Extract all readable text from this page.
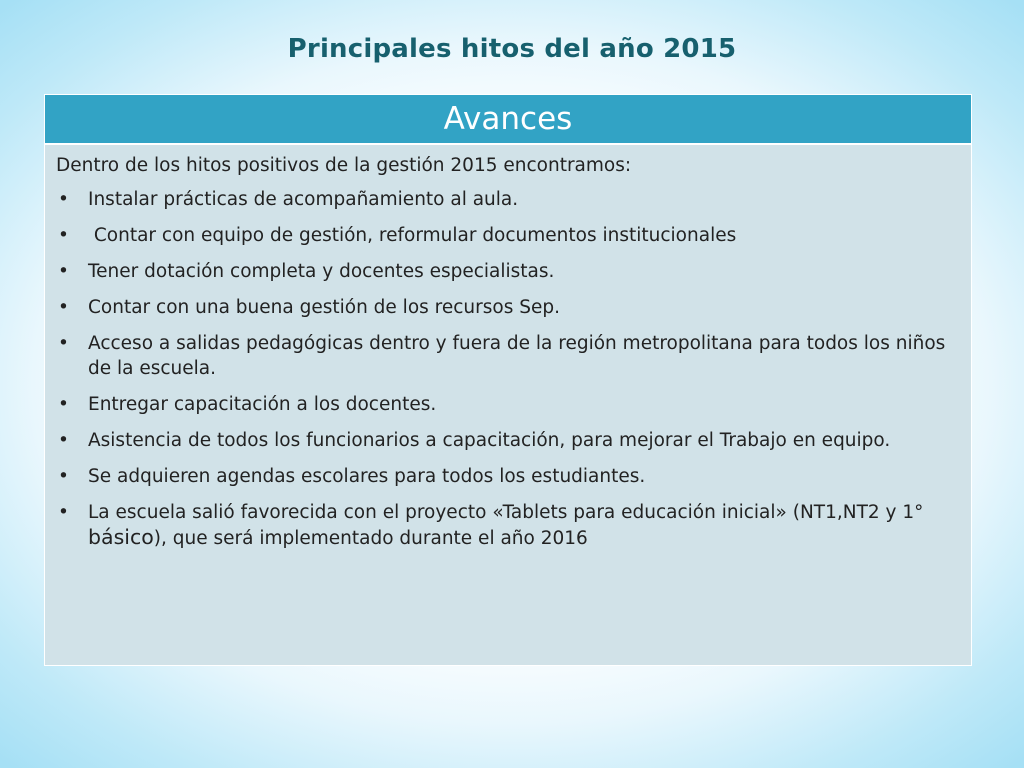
Principales hitos del año 2015
Avances
Dentro de los hitos positivos de la gestión 2015 encontramos:
• Instalar prácticas de acompañamiento al aula.
• Contar con equipo de gestión, reformular documentos institucionales
• Tener dotación completa y docentes especialistas.
• Contar con una buena gestión de los recursos Sep.
• Acceso a salidas pedagógicas dentro y fuera de la región metropolitana para todos los niños de la escuela.
• Entregar capacitación a los docentes.
• Asistencia de todos los funcionarios a capacitación, para mejorar el Trabajo en equipo.
• Se adquieren agendas escolares para todos los estudiantes.
• La escuela salió favorecida con el proyecto «Tablets para educación inicial» (NT1,NT2 y 1° básico), que será implementado durante el año 2016
